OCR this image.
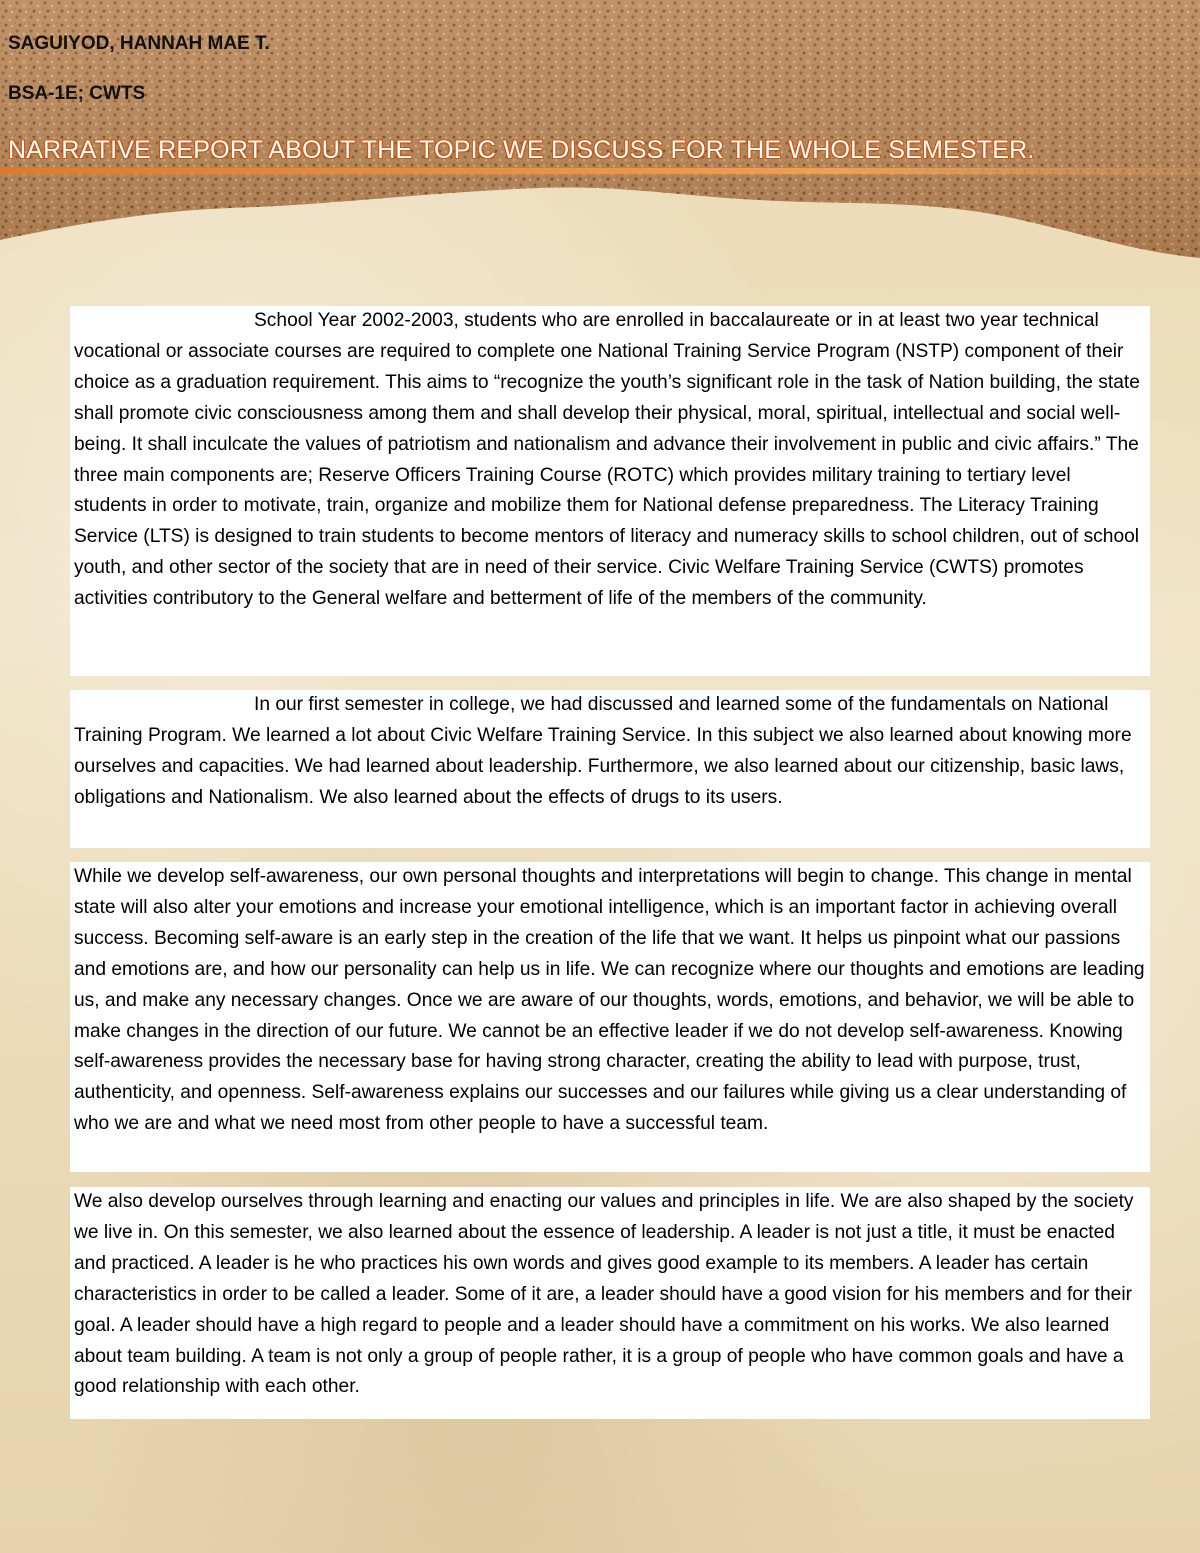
SAGUIYOD, HANNAH MAE T.
BSA-1E; CWTS
NARRATIVE REPORT ABOUT THE TOPIC WE DISCUSS FOR THE WHOLE SEMESTER.

School Year 2002-2003, students who are enrolled in baccalaureate or in at least two year technical vocational or associate courses are required to complete one National Training Service Program (NSTP) component of their choice as a graduation requirement. This aims to “recognize the youth’s significant role in the task of Nation building, the state shall promote civic consciousness among them and shall develop their physical, moral, spiritual, intellectual and social well-being. It shall inculcate the values of patriotism and nationalism and advance their involvement in public and civic affairs.” The three main components are; Reserve Officers Training Course (ROTC) which provides military training to tertiary level students in order to motivate, train, organize and mobilize them for National defense preparedness. The Literacy Training Service (LTS) is designed to train students to become mentors of literacy and numeracy skills to school children, out of school youth, and other sector of the society that are in need of their service. Civic Welfare Training Service (CWTS) promotes activities contributory to the General welfare and betterment of life of the members of the community.

In our first semester in college, we had discussed and learned some of the fundamentals on National Training Program. We learned a lot about Civic Welfare Training Service. In this subject we also learned about knowing more ourselves and capacities. We had learned about leadership. Furthermore, we also learned about our citizenship, basic laws, obligations and Nationalism. We also learned about the effects of drugs to its users.

While we develop self-awareness, our own personal thoughts and interpretations will begin to change. This change in mental state will also alter your emotions and increase your emotional intelligence, which is an important factor in achieving overall success. Becoming self-aware is an early step in the creation of the life that we want. It helps us pinpoint what our passions and emotions are, and how our personality can help us in life. We can recognize where our thoughts and emotions are leading us, and make any necessary changes. Once we are aware of our thoughts, words, emotions, and behavior, we will be able to make changes in the direction of our future. We cannot be an effective leader if we do not develop self-awareness. Knowing self-awareness provides the necessary base for having strong character, creating the ability to lead with purpose, trust, authenticity, and openness. Self-awareness explains our successes and our failures while giving us a clear understanding of who we are and what we need most from other people to have a successful team.

We also develop ourselves through learning and enacting our values and principles in life. We are also shaped by the society we live in. On this semester, we also learned about the essence of leadership. A leader is not just a title, it must be enacted and practiced. A leader is he who practices his own words and gives good example to its members. A leader has certain characteristics in order to be called a leader. Some of it are, a leader should have a good vision for his members and for their goal. A leader should have a high regard to people and a leader should have a commitment on his works. We also learned about team building. A team is not only a group of people rather, it is a group of people who have common goals and have a good relationship with each other.
